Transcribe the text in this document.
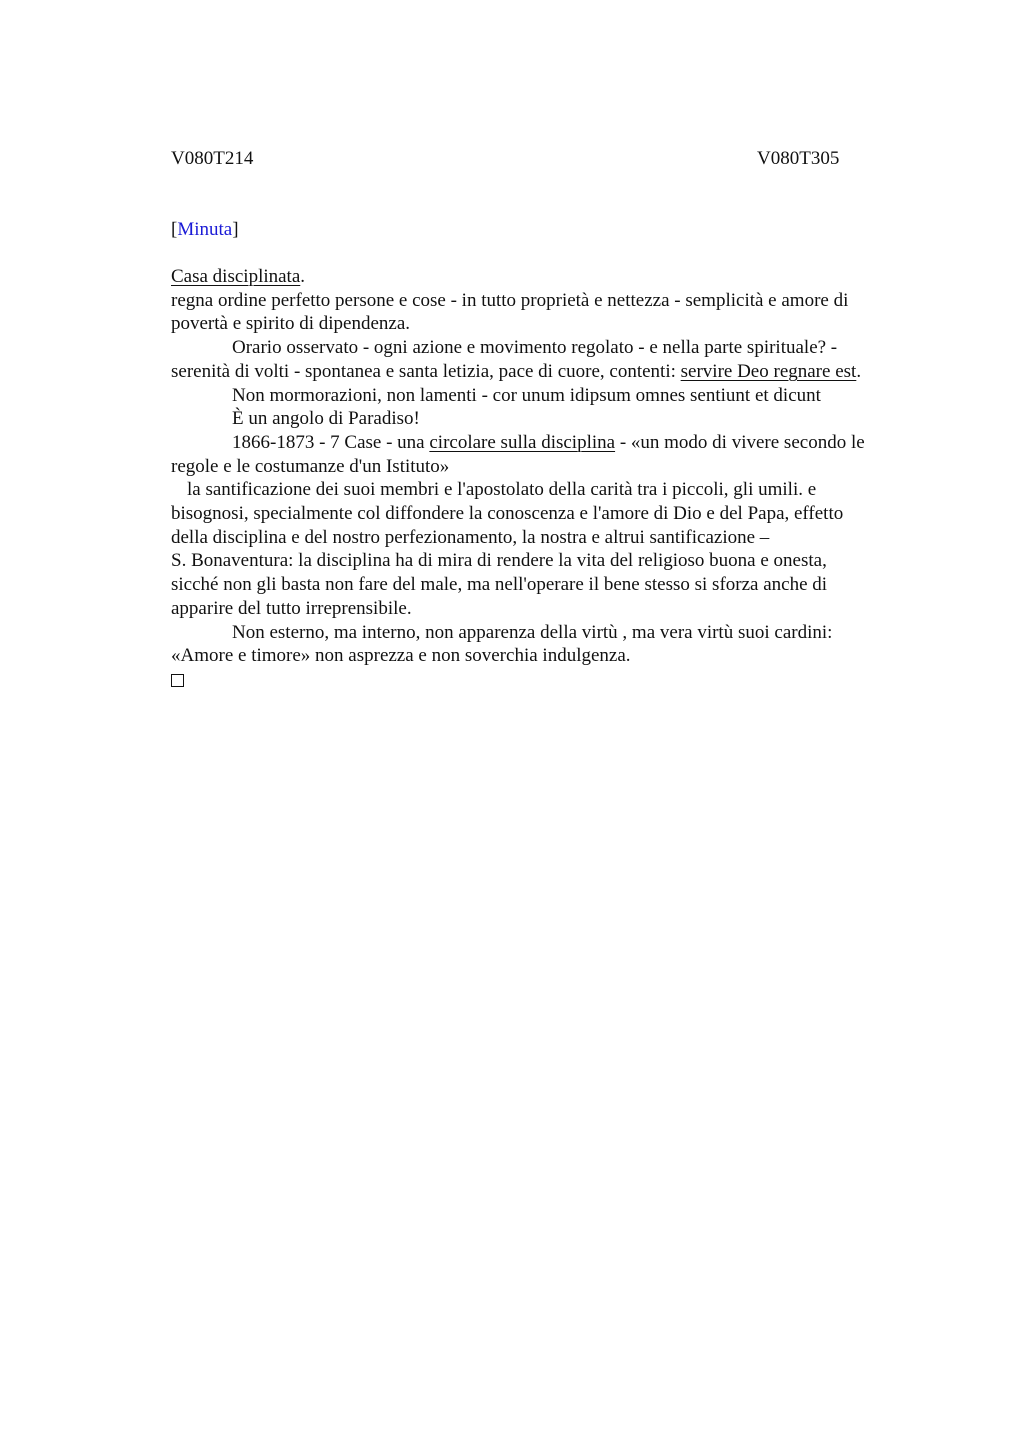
V080T214	V080T305
[Minuta]
Casa disciplinata.
regna ordine perfetto persone e cose - in tutto proprietà e nettezza - semplicità e amore di
povertà e spirito di dipendenza.
Orario osservato - ogni azione e movimento regolato - e nella parte spirituale? -
serenità di volti - spontanea e santa letizia, pace di cuore, contenti: servire Deo regnare est.
Non mormorazioni, non lamenti - cor unum idipsum omnes sentiunt et dicunt
È un angolo di Paradiso!
1866-1873 - 7 Case - una circolare sulla disciplina - «un modo di vivere secondo le
regole e le costumanze d'un Istituto»
la santificazione dei suoi membri e l'apostolato della carità tra i piccoli, gli umili. e
bisognosi, specialmente col diffondere la conoscenza e l'amore di Dio e del Papa, effetto
della disciplina e del nostro perfezionamento, la nostra e altrui santificazione –
S. Bonaventura: la disciplina ha di mira di rendere la vita del religioso buona e onesta,
sicché non gli basta non fare del male, ma nell'operare il bene stesso si sforza anche di
apparire del tutto irreprensibile.
Non esterno, ma interno, non apparenza della virtù , ma vera virtù suoi cardini:
«Amore e timore» non asprezza e non soverchia indulgenza.
